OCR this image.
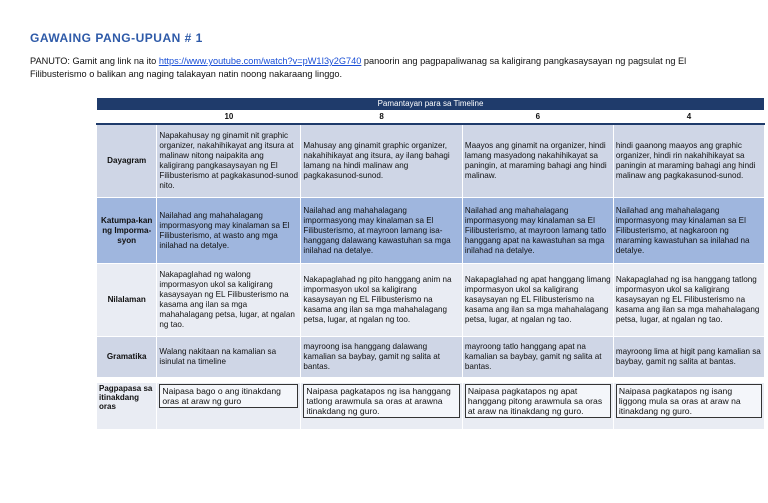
GAWAING PANG-UPUAN # 1
PANUTO: Gamit ang link na ito https://www.youtube.com/watch?v=pW1I3y2G740 panoorin ang pagpapaliwanag sa kaligirang pangkasaysayan ng pagsulat ng El Filibusterismo o balikan ang naging talakayan natin noong nakaraang linggo.
Pamantayan para sa Timeline				
	10	8	6	4
Dayagram	Napakahusay ng ginamit nit graphic organizer, nakahihikayat ang itsura at malinaw nitong naipakita ang kaligirang pangkasaysayan ng El Filibusterismo at pagkakasunod-sunod nito.	Mahusay ang ginamit graphic organizer, nakahihikayat ang itsura, ay ilang bahagi lamang na hindi malinaw ang pagkakasunod-sunod.	Maayos ang ginamit na organizer, hindi lamang masyadong nakahihikayat sa paningin, at maraming bahagi ang hindi malinaw.	hindi gaanong maayos ang graphic organizer, hindi rin nakahihikayat sa paningin at maraming bahagi ang hindi malinaw ang pagkakasunod-sunod.
Katumpa-kan ng Imporma-syon	Nailahad ang mahahalagang impormasyong may kinalaman sa El Filibusterismo, at wasto ang mga inilahad na detalye.	Nailahad ang mahahalagang impormasyong may kinalaman sa El Filibusterismo, at mayroon lamang isa- hanggang dalawang kawastuhan sa mga inilahad na detalye.	Nailahad ang mahahalagang impormasyong may kinalaman sa El Filibusterismo, at mayroon lamang tatlo hanggang apat na kawastuhan sa mga inilahad na detalye.	Nailahad ang mahahalagang impormasyong may kinalaman sa El Filibusterismo, at nagkaroon ng maraming kawastuhan sa inilahad na detalye.
Nilalaman	Nakapaglahad ng walong impormasyon ukol sa kaligirang kasaysayan ng EL Filibusterismo na kasama ang ilan sa mga mahahalagang petsa, lugar, at ngalan ng tao.	Nakapaglahad ng pito hanggang anim na impormasyon ukol sa kaligirang kasaysayan ng EL Filibusterismo na kasama ang ilan sa mga mahahalagang petsa, lugar, at ngalan ng too.	Nakapaglahad ng apat hanggang limang impormasyon ukol sa kaligirang kasaysayan ng EL Filibusterismo na kasama ang ilan sa mga mahahalagang petsa, lugar, at ngalan ng tao.	Nakapaglahad ng isa hanggang tatlong impormasyon ukol sa kaligirang kasaysayan ng EL Filibusterismo na kasama ang ilan sa mga mahahalagang petsa, lugar, at ngalan ng tao.
Gramatika	Walang nakitaan na kamalian sa isinulat na timeline	mayroong isa hanggang dalawang kamalian sa baybay, gamit ng salita at bantas.	mayroong tatlo hanggang apat na kamalian sa baybay, gamit ng salita at bantas.	mayroong lima at higit pang kamalian sa baybay, gamit ng salita at bantas.

Pagpapasa sa itinakdang oras	Naipasa bago o ang itinakdang oras at araw ng guro	Naipasa pagkatapos ng isa hanggang tatlong arawmula sa oras at arawna itinakdang ng guro.	Naipasa pagkatapos ng apat hanggang pitong arawmula sa oras at araw na itinakdang ng guro.	Naipasa pagkatapos ng isang liggong mula sa oras at araw na itinakdang ng guro.
